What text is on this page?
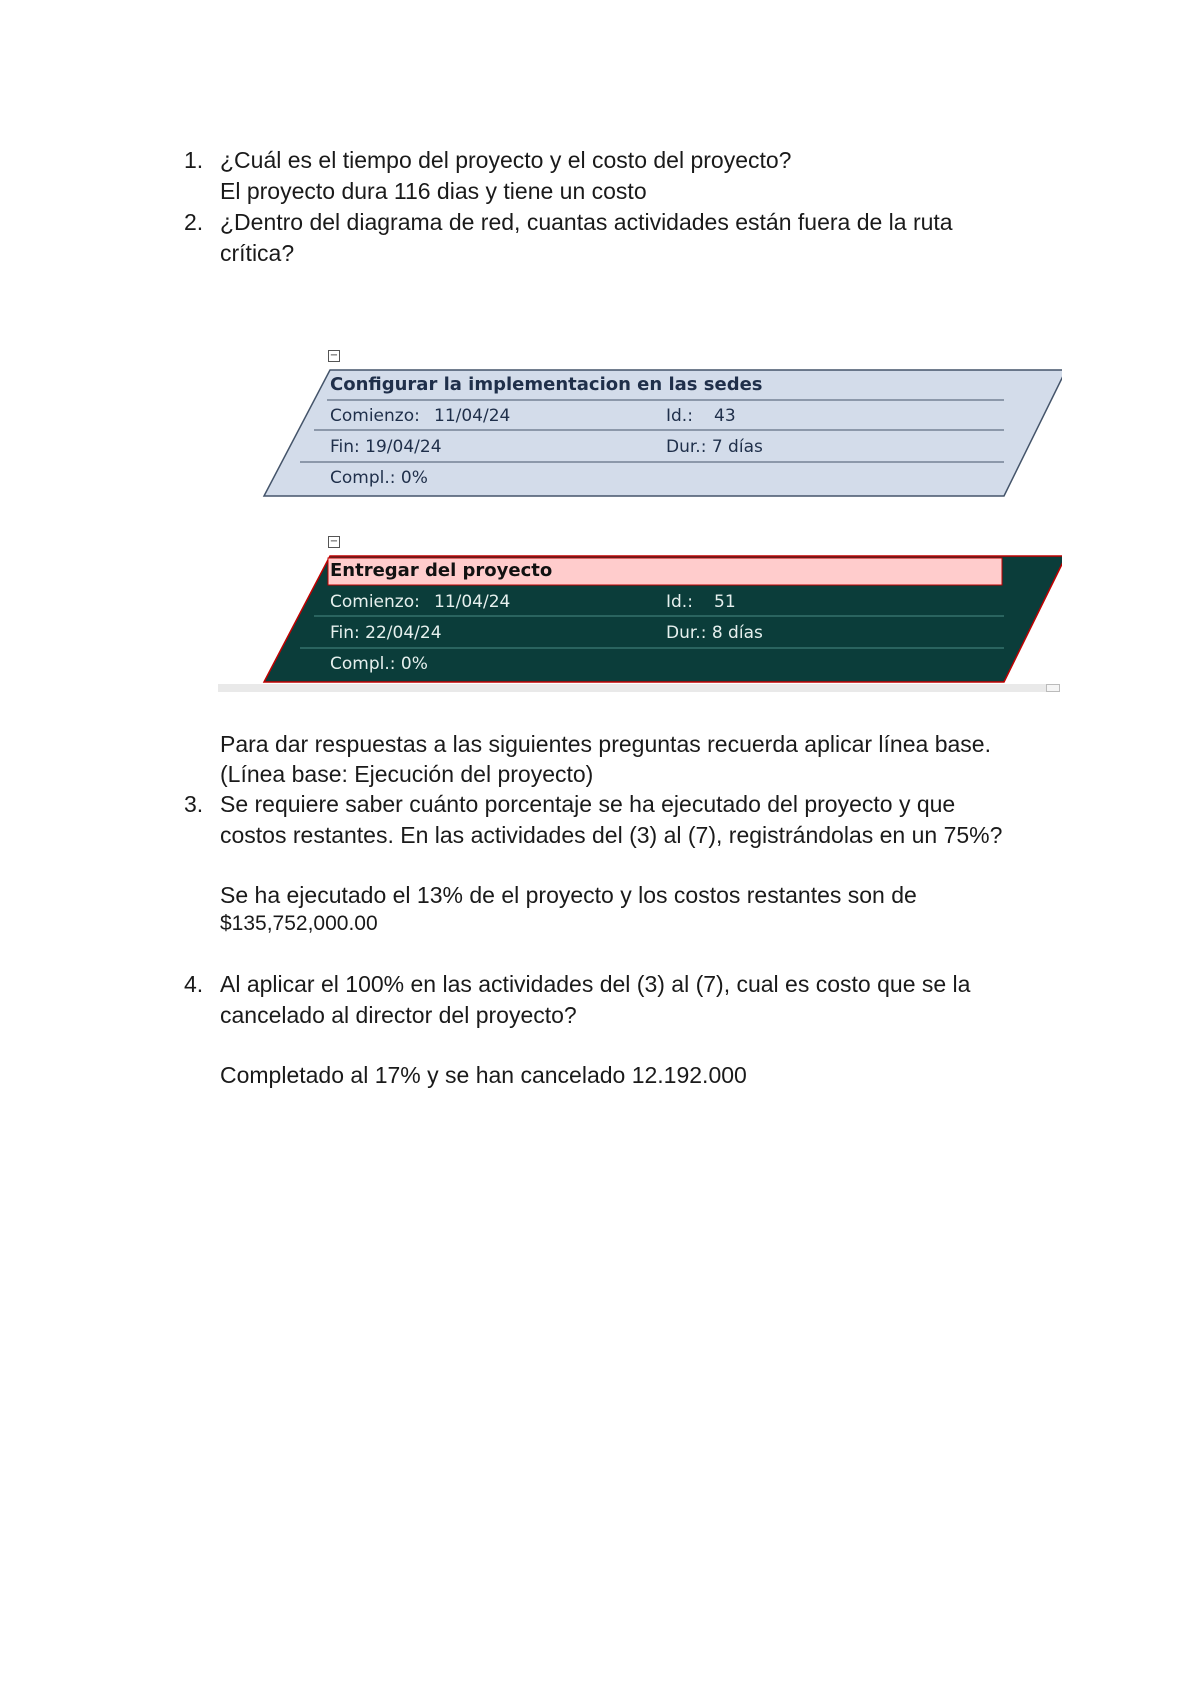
1. ¿Cuál es el tiempo del proyecto y el costo del proyecto?
El proyecto dura 116 dias y tiene un costo
2. ¿Dentro del diagrama de red, cuantas actividades están fuera de la ruta
crítica?
−
Configurar la implementacion en las sedes
Comienzo: 11/04/24	Id.: 43
Fin: 19/04/24	Dur.: 7 días
Compl.: 0%
−
Entregar del proyecto
Comienzo: 11/04/24	Id.: 51
Fin: 22/04/24	Dur.: 8 días
Compl.: 0%
Para dar respuestas a las siguientes preguntas recuerda aplicar línea base.
(Línea base: Ejecución del proyecto)
3. Se requiere saber cuánto porcentaje se ha ejecutado del proyecto y que
costos restantes. En las actividades del (3) al (7), registrándolas en un 75%?
Se ha ejecutado el 13% de el proyecto y los costos restantes son de
$135,752,000.00
4. Al aplicar el 100% en las actividades del (3) al (7), cual es costo que se la
cancelado al director del proyecto?
Completado al 17% y se han cancelado 12.192.000
